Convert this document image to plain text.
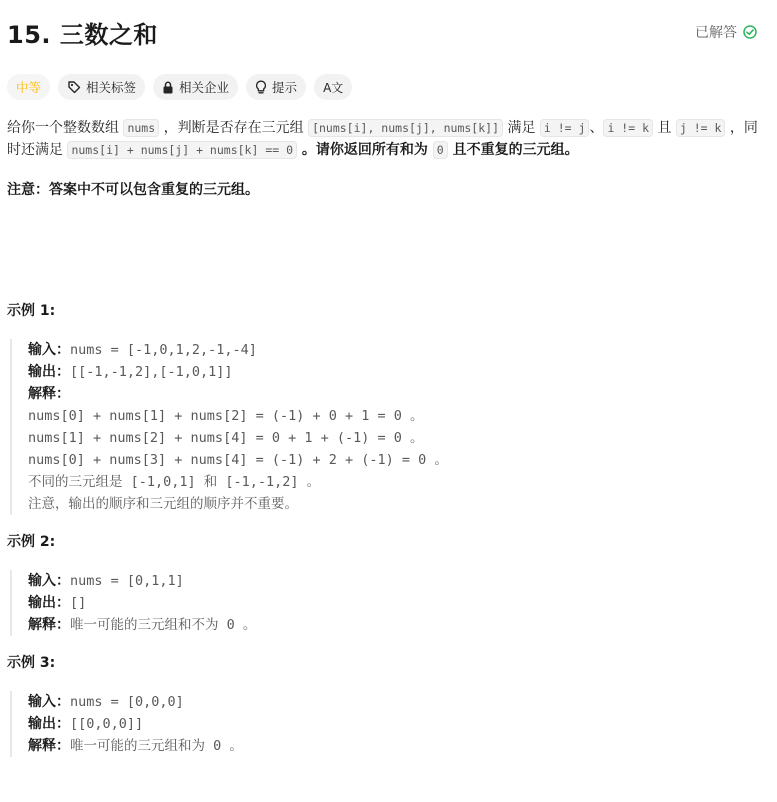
15. 三数之和	已解答
中等	相关标签	相关企业	提示 A文

给你一个整数数组 nums ，判断是否存在三元组 [nums[i], nums[j], nums[k]] 满足 i != j 、 i != k 且 j != k ，同时还满足 nums[i] + nums[j] + nums[k] == 0 。请你返回所有和为 0 且不重复的三元组。

注意：答案中不可以包含重复的三元组。
示例 1:
输入：nums = [-1,0,1,2,-1,-4]
输出：[[-1,-1,2],[-1,0,1]]
解释：
nums[0] + nums[1] + nums[2] = (-1) + 0 + 1 = 0 。
nums[1] + nums[2] + nums[4] = 0 + 1 + (-1) = 0 。
nums[0] + nums[3] + nums[4] = (-1) + 2 + (-1) = 0 。
不同的三元组是 [-1,0,1] 和 [-1,-1,2] 。
注意，输出的顺序和三元组的顺序并不重要。
示例 2:
输入：nums = [0,1,1]
输出：[]
解释：唯一可能的三元组和不为 0 。
示例 3:
输入：nums = [0,0,0]
输出：[[0,0,0]]
解释：唯一可能的三元组和为 0 。
